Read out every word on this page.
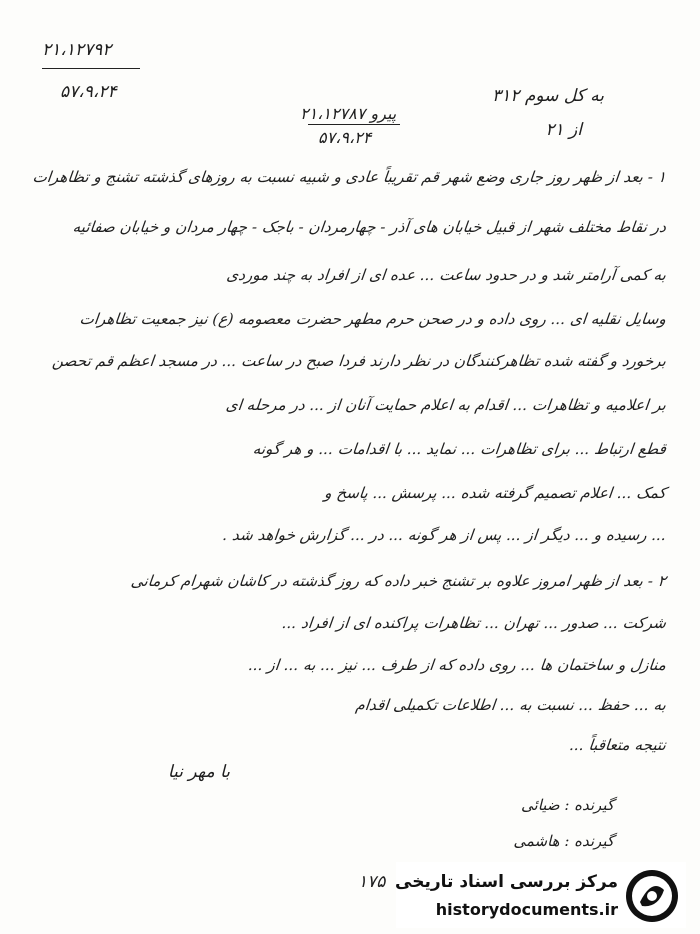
۲۱،۱۲۷۹۲
۵۷،۹،۲۴
پیرو ۲۱،۱۲۷۸۷
۵۷،۹،۲۴
به کل سوم ۳۱۲
از ۲۱
۱ - بعد از ظهر روز جاری وضع شهر قم تقریباً عادی و شبیه نسبت به روزهای گذشته تشنج و تظاهرات
در نقاط مختلف شهر از قبیل خیابان های آذر - چهارمردان - باجک - چهار مردان و خیابان صفائیه
به کمی آرامتر شد و در حدود ساعت ... عده ای از افراد به چند موردی
وسایل نقلیه ای ... روی داده و در صحن حرم مطهر حضرت معصومه (ع) نیز جمعیت تظاهرات
برخورد و گفته شده تظاهرکنندگان در نظر دارند فردا صبح در ساعت ... در مسجد اعظم قم تحصن
بر اعلامیه و تظاهرات ... اقدام به اعلام حمایت آنان از ... در مرحله ای
قطع ارتباط ... برای تظاهرات ... نماید ... با اقدامات ... و هر گونه
کمک ... اعلام تصمیم گرفته شده ... پرسش ... پاسخ و
... رسیده و ... دیگر از ... پس از هر گونه ... در ... گزارش خواهد شد .
۲ - بعد از ظهر امروز علاوه بر تشنج خبر داده که روز گذشته در کاشان شهرام کرمانی
شرکت ... صدور ... تهران ... تظاهرات پراکنده ای از افراد ...
منازل و ساختمان ها ... روی داده که از طرف ... نیز ... به ... از ...
به ... حفظ ... نسبت به ... اطلاعات تکمیلی اقدام
نتیجه متعاقباً ...
با مهر نیا
گیرنده : ضیائی
گیرنده : هاشمی
۱۷۵ مرکز بررسی اسناد تاریخی
historydocuments.ir
